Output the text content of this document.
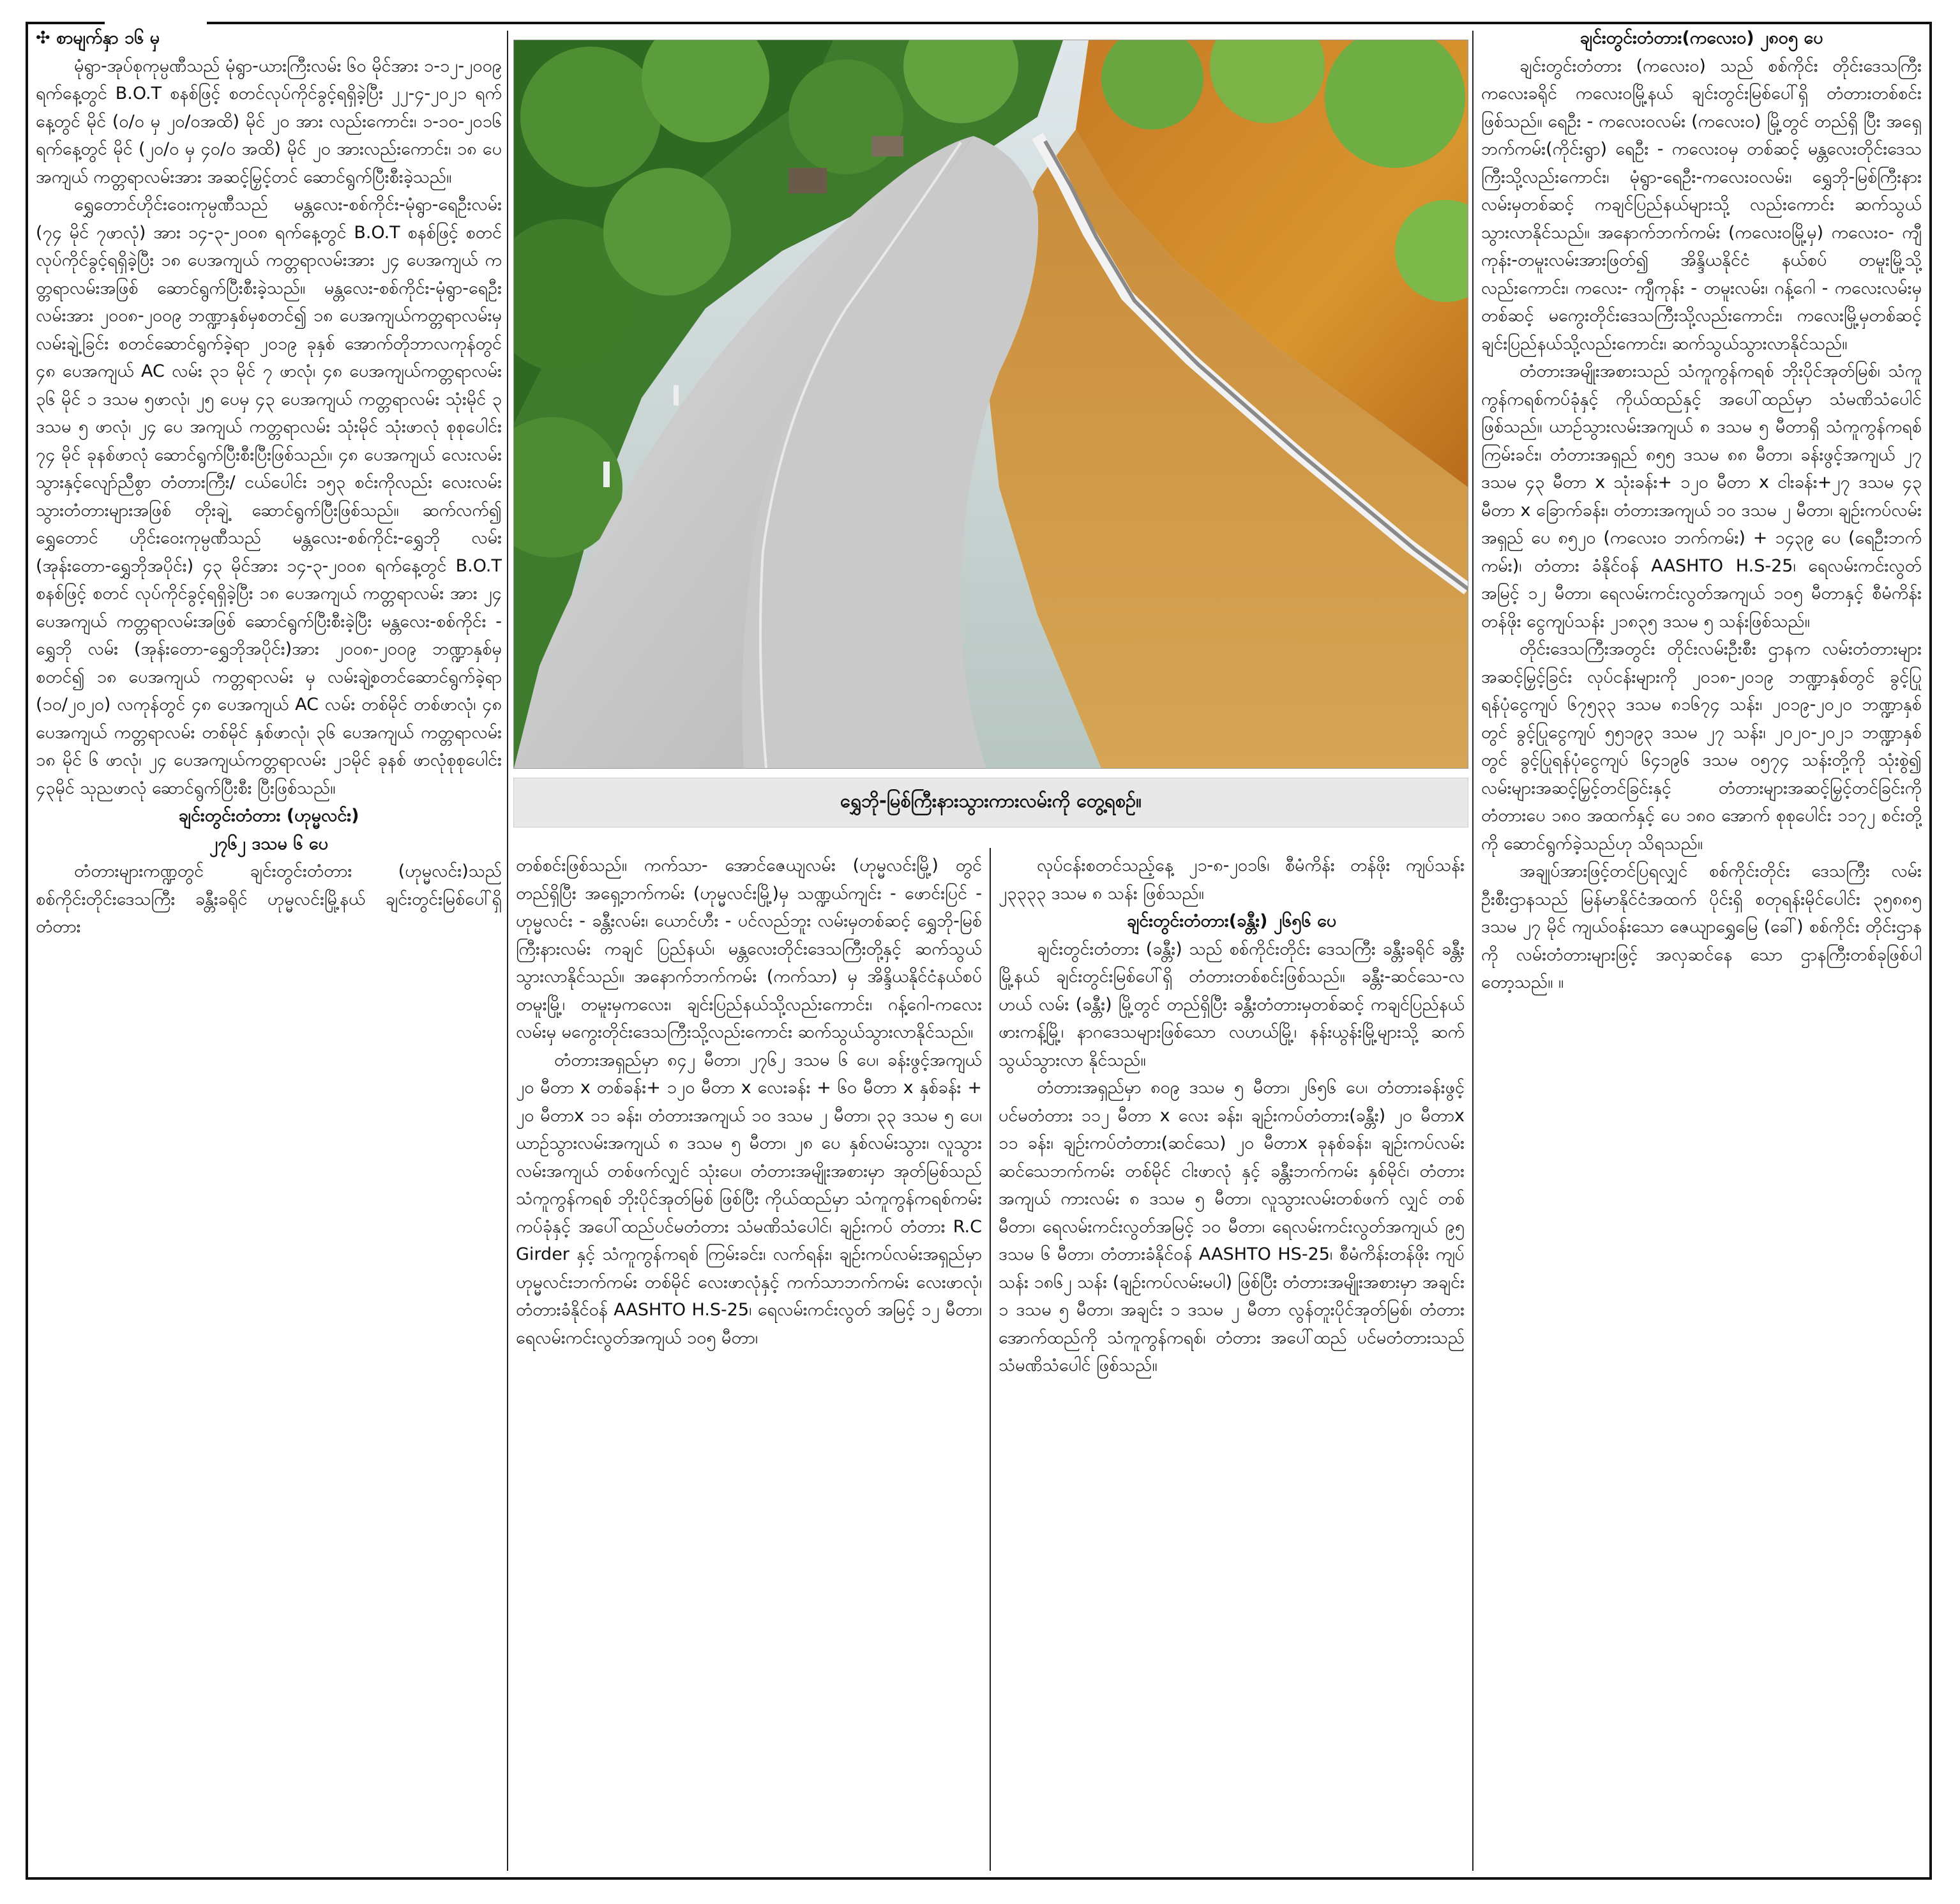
✣ စာမျက်နှာ ၁၆ မှ

မုံရွာ-အုပ်စုကုမ္ပဏီသည် မုံရွာ-ယားကြီးလမ်း ၆၀ မိုင်အား ၁-၁၂-၂၀၀၉ ရက်နေ့တွင် B.O.T စနစ်ဖြင့် စတင်လုပ်ကိုင်ခွင့်ရရှိခဲ့ပြီး ၂၂-၄-၂၀၂၁ ရက်နေ့တွင် မိုင် (၀/၀ မှ ၂၀/၀အထိ) မိုင် ၂၀ အား လည်းကောင်း၊ ၁-၁၀-၂၀၁၆ ရက်နေ့တွင် မိုင် (၂၀/၀ မှ ၄၀/၀ အထိ) မိုင် ၂၀ အားလည်းကောင်း၊ ၁၈ ပေအကျယ် ကတ္တရာလမ်းအား အဆင့်မြှင့်တင် ဆောင်ရွက်ပြီးစီးခဲ့သည်။

ရွှေတောင်ဟိုင်းဝေးကုမ္ပဏီသည် မန္တလေး-စစ်ကိုင်း-မုံရွာ-ရေဦးလမ်း (၇၄ မိုင် ၇ဖာလုံ) အား ၁၄-၃-၂၀၀၈ ရက်နေ့တွင် B.O.T စနစ်ဖြင့် စတင်လုပ်ကိုင်ခွင့်ရရှိခဲ့ပြီး ၁၈ ပေအကျယ် ကတ္တရာလမ်းအား ၂၄ ပေအကျယ် ကတ္တရာလမ်းအဖြစ် ဆောင်ရွက်ပြီးစီးခဲ့သည်။ မန္တလေး-စစ်ကိုင်း-မုံရွာ-ရေဦးလမ်းအား ၂၀၀၈-၂၀၀၉ ဘဏ္ဍာနှစ်မှစတင်၍ ၁၈ ပေအကျယ်ကတ္တရာလမ်းမှ လမ်းချဲ့ခြင်း စတင်ဆောင်ရွက်ခဲ့ရာ ၂၀၁၉ ခုနှစ် အောက်တိုဘာလကုန်တွင် ၄၈ ပေအကျယ် AC လမ်း ၃၁ မိုင် ၇ ဖာလုံ၊ ၄၈ ပေအကျယ်ကတ္တရာလမ်း ၃၆ မိုင် ၁ ဒသမ ၅ဖာလုံ၊ ၂၅ ပေမှ ၄၃ ပေအကျယ် ကတ္တရာလမ်း သုံးမိုင် ၃ ဒသမ ၅ ဖာလုံ၊ ၂၄ ပေ အကျယ် ကတ္တရာလမ်း သုံးမိုင် သုံးဖာလုံ စုစုပေါင်း ၇၄ မိုင် ခုနစ်ဖာလုံ ဆောင်ရွက်ပြီးစီးပြီးဖြစ်သည်။ ၄၈ ပေအကျယ် လေးလမ်းသွားနှင့်လျော်ညီစွာ တံတားကြီး/ ငယ်ပေါင်း ၁၅၃ စင်းကိုလည်း လေးလမ်းသွားတံတားများအဖြစ် တိုးချဲ့ ဆောင်ရွက်ပြီးဖြစ်သည်။ ဆက်လက်၍ ရွှေတောင် ဟိုင်းဝေးကုမ္ပဏီသည် မန္တလေး-စစ်ကိုင်း-ရွှေဘို လမ်း (အုန်းတော-ရွှေဘိုအပိုင်း) ၄၃ မိုင်အား ၁၄-၃-၂၀၀၈ ရက်နေ့တွင် B.O.T စနစ်ဖြင့် စတင် လုပ်ကိုင်ခွင့်ရရှိခဲ့ပြီး ၁၈ ပေအကျယ် ကတ္တရာလမ်း အား ၂၄ ပေအကျယ် ကတ္တရာလမ်းအဖြစ် ဆောင်ရွက်ပြီးစီးခဲ့ပြီး မန္တလေး-စစ်ကိုင်း - ရွှေဘို လမ်း (အုန်းတော-ရွှေဘိုအပိုင်း)အား ၂၀၀၈-၂၀၀၉ ဘဏ္ဍာနှစ်မှစတင်၍ ၁၈ ပေအကျယ် ကတ္တရာလမ်း မှ လမ်းချဲ့စတင်ဆောင်ရွက်ခဲ့ရာ (၁၀/၂၀၂၀) လကုန်တွင် ၄၈ ပေအကျယ် AC လမ်း တစ်မိုင် တစ်ဖာလုံ၊ ၄၈ ပေအကျယ် ကတ္တရာလမ်း တစ်မိုင် နှစ်ဖာလုံ၊ ၃၆ ပေအကျယ် ကတ္တရာလမ်း ၁၈ မိုင် ၆ ဖာလုံ၊ ၂၄ ပေအကျယ်ကတ္တရာလမ်း ၂၁မိုင် ခုနစ် ဖာလုံစုစုပေါင်း ၄၃မိုင် သုညဖာလုံ ဆောင်ရွက်ပြီးစီး ပြီးဖြစ်သည်။

ချင်းတွင်းတံတား (ဟုမ္မလင်း)

၂၇၆၂ ဒသမ ၆ ပေ

တံတားများကဏ္ဍတွင် ချင်းတွင်းတံတား (ဟုမ္မလင်း)သည် စစ်ကိုင်းတိုင်းဒေသကြီး ခန္တီးခရိုင် ဟုမ္မလင်းမြို့နယ် ချင်းတွင်းမြစ်ပေါ်ရှိ တံတား

ရွှေဘို-မြစ်ကြီးနားသွားကားလမ်းကို တွေ့ရစဉ်။

တစ်စင်းဖြစ်သည်။ ကက်သာ- အောင်ဇေယျလမ်း (ဟုမ္မလင်းမြို့) တွင် တည်ရှိပြီး အရှေ့ဘက်ကမ်း (ဟုမ္မလင်းမြို့)မှ သဏ္ဍယ်ကျင်း - ဖောင်းပြင် - ဟုမ္မလင်း - ခန္တီးလမ်း၊ ယောင်ဟီး - ပင်လည်ဘူး လမ်းမှတစ်ဆင့် ရွှေဘို-မြစ်ကြီးနားလမ်း ကချင် ပြည်နယ်၊ မန္တလေးတိုင်းဒေသကြီးတို့နှင့် ဆက်သွယ် သွားလာနိုင်သည်။ အနောက်ဘက်ကမ်း (ကက်သာ) မှ အိန္ဒိယနိုင်ငံနယ်စပ် တမူးမြို့၊ တမူးမှကလေး၊ ချင်းပြည်နယ်သို့လည်းကောင်း၊ ဂန့်ဂေါ-ကလေး လမ်းမှ မကွေးတိုင်းဒေသကြီးသို့လည်းကောင်း ဆက်သွယ်သွားလာနိုင်သည်။

တံတားအရှည်မှာ ၈၄၂ မီတာ၊ ၂၇၆၂ ဒသမ ၆ ပေ၊ ခန်းဖွင့်အကျယ် ၂၀ မီတာ x တစ်ခန်း+ ၁၂၀ မီတာ x လေးခန်း + ၆၀ မီတာ x နှစ်ခန်း + ၂၀ မီတာx ၁၁ ခန်း၊ တံတားအကျယ် ၁၀ ဒသမ ၂ မီတာ၊ ၃၃ ဒသမ ၅ ပေ၊ ယာဉ်သွားလမ်းအကျယ် ၈ ဒသမ ၅ မီတာ၊ ၂၈ ပေ နှစ်လမ်းသွား၊ လူသွားလမ်းအကျယ် တစ်ဖက်လျှင် သုံးပေ၊ တံတားအမျိုးအစားမှာ အုတ်မြစ်သည် သံကူကွန်ကရစ် ဘိုးပိုင်အုတ်မြစ် ဖြစ်ပြီး ကိုယ်ထည်မှာ သံကူကွန်ကရစ်ကမ်းကပ်ခုံနှင့် အပေါ်ထည်ပင်မတံတား သံမဏိသံပေါင်၊ ချဉ်းကပ် တံတား R.C Girder နှင့် သံကူကွန်ကရစ် ကြမ်းခင်း၊ လက်ရန်း၊ ချဉ်းကပ်လမ်းအရှည်မှာ ဟုမ္မလင်းဘက်ကမ်း တစ်မိုင် လေးဖာလုံနှင့် ကက်သာဘက်ကမ်း လေးဖာလုံ၊ တံတားခံနိုင်ဝန် AASHTO H.S-25၊ ရေလမ်းကင်းလွတ် အမြင့် ၁၂ မီတာ၊ ရေလမ်းကင်းလွတ်အကျယ် ၁၀၅ မီတာ၊

လုပ်ငန်းစတင်သည့်နေ့ ၂၁-၈-၂၀၁၆၊ စီမံကိန်း တန်ဖိုး ကျပ်သန်း ၂၃၃၃၃ ဒသမ ၈ သန်း ဖြစ်သည်။

ချင်းတွင်းတံတား(ခန္တီး) ၂၆၅၆ ပေ

ချင်းတွင်းတံတား (ခန္တီး) သည် စစ်ကိုင်းတိုင်း ဒေသကြီး ခန္တီးခရိုင် ခန္တီးမြို့နယ် ချင်းတွင်းမြစ်ပေါ်ရှိ တံတားတစ်စင်းဖြစ်သည်။ ခန္တီး-ဆင်သေ-လဟယ် လမ်း (ခန္တီး) မြို့တွင် တည်ရှိပြီး ခန္တီးတံတားမှတစ်ဆင့် ကချင်ပြည်နယ် ဖားကန့်မြို့၊ နာဂဒေသများဖြစ်သော လဟယ်မြို့၊ နန်းယွန်းမြို့များသို့ ဆက်သွယ်သွားလာ နိုင်သည်။

တံတားအရှည်မှာ ၈၀၉ ဒသမ ၅ မီတာ၊ ၂၆၅၆ ပေ၊ တံတားခန်းဖွင့် ပင်မတံတား ၁၁၂ မီတာ x လေး ခန်း၊ ချဉ်းကပ်တံတား(ခန္တီး) ၂၀ မီတာx ၁၁ ခန်း၊ ချဉ်းကပ်တံတား(ဆင်သေ) ၂၀ မီတာx ခုနစ်ခန်း၊ ချဉ်းကပ်လမ်း ဆင်သေဘက်ကမ်း တစ်မိုင် ငါးဖာလုံ နှင့် ခန္တီးဘက်ကမ်း နှစ်မိုင်၊ တံတားအကျယ် ကားလမ်း ၈ ဒသမ ၅ မီတာ၊ လူသွားလမ်းတစ်ဖက် လျှင် တစ်မီတာ၊ ရေလမ်းကင်းလွတ်အမြင့် ၁၀ မီတာ၊ ရေလမ်းကင်းလွတ်အကျယ် ၉၅ ဒသမ ၆ မီတာ၊ တံတားခံနိုင်ဝန် AASHTO HS-25၊ စီမံကိန်းတန်ဖိုး ကျပ်သန်း ၁၈၆၂ သန်း (ချဉ်းကပ်လမ်းမပါ) ဖြစ်ပြီး တံတားအမျိုးအစားမှာ အချင်း ၁ ဒသမ ၅ မီတာ၊ အချင်း ၁ ဒသမ ၂ မီတာ လွန်တူးပိုင်အုတ်မြစ်၊ တံတားအောက်ထည်ကို သံကူကွန်ကရစ်၊ တံတား အပေါ်ထည် ပင်မတံတားသည် သံမဏိသံပေါင် ဖြစ်သည်။

ချင်းတွင်းတံတား(ကလေးဝ) ၂၈၀၅ ပေ

ချင်းတွင်းတံတား (ကလေးဝ) သည် စစ်ကိုင်း တိုင်းဒေသကြီး ကလေးခရိုင် ကလေးဝမြို့နယ် ချင်းတွင်းမြစ်ပေါ်ရှိ တံတားတစ်စင်းဖြစ်သည်။ ရေဦး - ကလေးဝလမ်း (ကလေးဝ) မြို့တွင် တည်ရှိ ပြီး အရှေ့ဘက်ကမ်း(ကိုင်းရွာ) ရေဦး - ကလေးဝမှ တစ်ဆင့် မန္တလေးတိုင်းဒေသကြီးသို့လည်းကောင်း၊ မုံရွာ-ရေဦး-ကလေးဝလမ်း၊ ရွှေဘို-မြစ်ကြီးနား လမ်းမှတစ်ဆင့် ကချင်ပြည်နယ်များသို့ လည်းကောင်း ဆက်သွယ်သွားလာနိုင်သည်။ အနောက်ဘက်ကမ်း (ကလေးဝမြို့မှ) ကလေးဝ- ကျီကုန်း-တမူးလမ်းအားဖြတ်၍ အိန္ဒိယနိုင်ငံ နယ်စပ် တမူးမြို့သို့လည်းကောင်း၊ ကလေး- ကျီကုန်း - တမူးလမ်း၊ ဂန့်ဂေါ - ကလေးလမ်းမှ တစ်ဆင့် မကွေးတိုင်းဒေသကြီးသို့လည်းကောင်း၊ ကလေးမြို့မှတစ်ဆင့် ချင်းပြည်နယ်သို့လည်းကောင်း၊ ဆက်သွယ်သွားလာနိုင်သည်။

တံတားအမျိုးအစားသည် သံကူကွန်ကရစ် ဘိုးပိုင်အုတ်မြစ်၊ သံကူကွန်ကရစ်ကပ်ခုံနှင့် ကိုယ်ထည်နှင့် အပေါ်ထည်မှာ သံမဏိသံပေါင် ဖြစ်သည်။ ယာဉ်သွားလမ်းအကျယ် ၈ ဒသမ ၅ မီတာရှိ သံကူကွန်ကရစ်ကြမ်းခင်း၊ တံတားအရှည် ၈၅၅ ဒသမ ၈၈ မီတာ၊ ခန်းဖွင့်အကျယ် ၂၇ ဒသမ ၄၃ မီတာ x သုံးခန်း+ ၁၂၀ မီတာ x ငါးခန်း+၂၇ ဒသမ ၄၃ မီတာ x ခြောက်ခန်း၊ တံတားအကျယ် ၁၀ ဒသမ ၂ မီတာ၊ ချဉ်းကပ်လမ်းအရှည် ပေ ၈၅၂၀ (ကလေးဝ ဘက်ကမ်း) + ၁၄၃၉ ပေ (ရေဦးဘက်ကမ်း)၊ တံတား ခံနိုင်ဝန် AASHTO H.S-25၊ ရေလမ်းကင်းလွတ်အမြင့် ၁၂ မီတာ၊ ရေလမ်းကင်းလွတ်အကျယ် ၁၀၅ မီတာနှင့် စီမံကိန်းတန်ဖိုး ငွေကျပ်သန်း ၂၁၈၃၅ ဒသမ ၅ သန်းဖြစ်သည်။

တိုင်းဒေသကြီးအတွင်း တိုင်းလမ်းဦးစီး ဌာနက လမ်းတံတားများ အဆင့်မြှင့်ခြင်း လုပ်ငန်းများကို ၂၀၁၈-၂၀၁၉ ဘဏ္ဍာနှစ်တွင် ခွင့်ပြုရန်ပုံငွေကျပ် ၆၇၅၃၃ ဒသမ ၈၁၆၇၄ သန်း၊ ၂၀၁၉-၂၀၂၀ ဘဏ္ဍာနှစ်တွင် ခွင့်ပြုငွေကျပ် ၅၅၁၉၃ ဒသမ ၂၇ သန်း၊ ၂၀၂၀-၂၀၂၁ ဘဏ္ဍာနှစ်တွင် ခွင့်ပြုရန်ပုံငွေကျပ် ၆၄၁၉၆ ဒသမ ၀၅၇၄ သန်းတို့ကို သုံးစွဲ၍ လမ်းများအဆင့်မြှင့်တင်ခြင်းနှင့် တံတားများအဆင့်မြှင့်တင်ခြင်းကို တံတားပေ ၁၈၀ အထက်နှင့် ပေ ၁၈၀ အောက် စုစုပေါင်း ၁၁၇၂ စင်းတို့ကို ဆောင်ရွက်ခဲ့သည်ဟု သိရသည်။

အချုပ်အားဖြင့်တင်ပြရလျှင် စစ်ကိုင်းတိုင်း ဒေသကြီး လမ်းဦးစီးဌာနသည် မြန်မာနိုင်ငံအထက် ပိုင်းရှိ စတုရန်းမိုင်ပေါင်း ၃၅၈၈၅ ဒသမ ၂၇ မိုင် ကျယ်ဝန်းသော ဇေယျာရွှေမြေ (ခေါ်) စစ်ကိုင်း တိုင်းဌာနကို လမ်းတံတားများဖြင့် အလှဆင်နေ သော ဌာနကြီးတစ်ခုဖြစ်ပါတော့သည်။ ။
